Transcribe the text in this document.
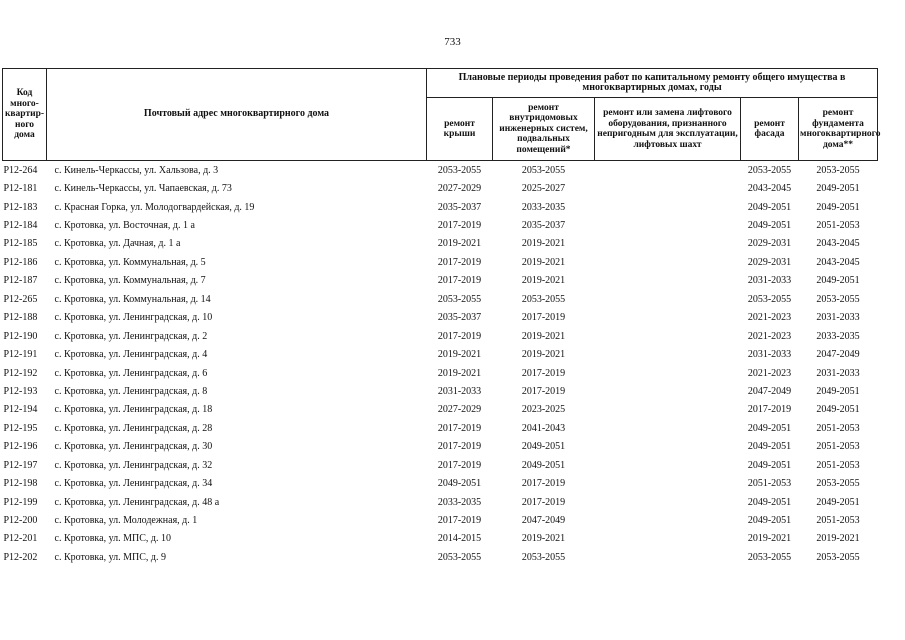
733
Код много-квартир-ного дома	Почтовый адрес многоквартирного дома	Плановые периоды проведения работ по капитальному ремонту общего имущества в многоквартирных домах, годы				
		ремонт крыши	ремонт внутридомовых инженерных систем, подвальных помещений*	ремонт или замена лифтового оборудования, признанного непригодным для эксплуатации, лифтовых шахт	ремонт фасада	ремонт фундамента многоквартирного дома**
Р12-264	с. Кинель-Черкассы, ул. Хальзова, д. 3	2053-2055	2053-2055		2053-2055	2053-2055
Р12-181	с. Кинель-Черкассы, ул. Чапаевская, д. 73	2027-2029	2025-2027		2043-2045	2049-2051
Р12-183	с. Красная Горка, ул. Молодогвардейская, д. 19	2035-2037	2033-2035		2049-2051	2049-2051
Р12-184	с. Кротовка, ул. Восточная, д. 1 а	2017-2019	2035-2037		2049-2051	2051-2053
Р12-185	с. Кротовка, ул. Дачная, д. 1 а	2019-2021	2019-2021		2029-2031	2043-2045
Р12-186	с. Кротовка, ул. Коммунальная, д. 5	2017-2019	2019-2021		2029-2031	2043-2045
Р12-187	с. Кротовка, ул. Коммунальная, д. 7	2017-2019	2019-2021		2031-2033	2049-2051
Р12-265	с. Кротовка, ул. Коммунальная, д. 14	2053-2055	2053-2055		2053-2055	2053-2055
Р12-188	с. Кротовка, ул. Ленинградская, д. 10	2035-2037	2017-2019		2021-2023	2031-2033
Р12-190	с. Кротовка, ул. Ленинградская, д. 2	2017-2019	2019-2021		2021-2023	2033-2035
Р12-191	с. Кротовка, ул. Ленинградская, д. 4	2019-2021	2019-2021		2031-2033	2047-2049
Р12-192	с. Кротовка, ул. Ленинградская, д. 6	2019-2021	2017-2019		2021-2023	2031-2033
Р12-193	с. Кротовка, ул. Ленинградская, д. 8	2031-2033	2017-2019		2047-2049	2049-2051
Р12-194	с. Кротовка, ул. Ленинградская, д. 18	2027-2029	2023-2025		2017-2019	2049-2051
Р12-195	с. Кротовка, ул. Ленинградская, д. 28	2017-2019	2041-2043		2049-2051	2051-2053
Р12-196	с. Кротовка, ул. Ленинградская, д. 30	2017-2019	2049-2051		2049-2051	2051-2053
Р12-197	с. Кротовка, ул. Ленинградская, д. 32	2017-2019	2049-2051		2049-2051	2051-2053
Р12-198	с. Кротовка, ул. Ленинградская, д. 34	2049-2051	2017-2019		2051-2053	2053-2055
Р12-199	с. Кротовка, ул. Ленинградская, д. 48 а	2033-2035	2017-2019		2049-2051	2049-2051
Р12-200	с. Кротовка, ул. Молодежная, д. 1	2017-2019	2047-2049		2049-2051	2051-2053
Р12-201	с. Кротовка, ул. МПС, д. 10	2014-2015	2019-2021		2019-2021	2019-2021
Р12-202	с. Кротовка, ул. МПС, д. 9	2053-2055	2053-2055		2053-2055	2053-2055
